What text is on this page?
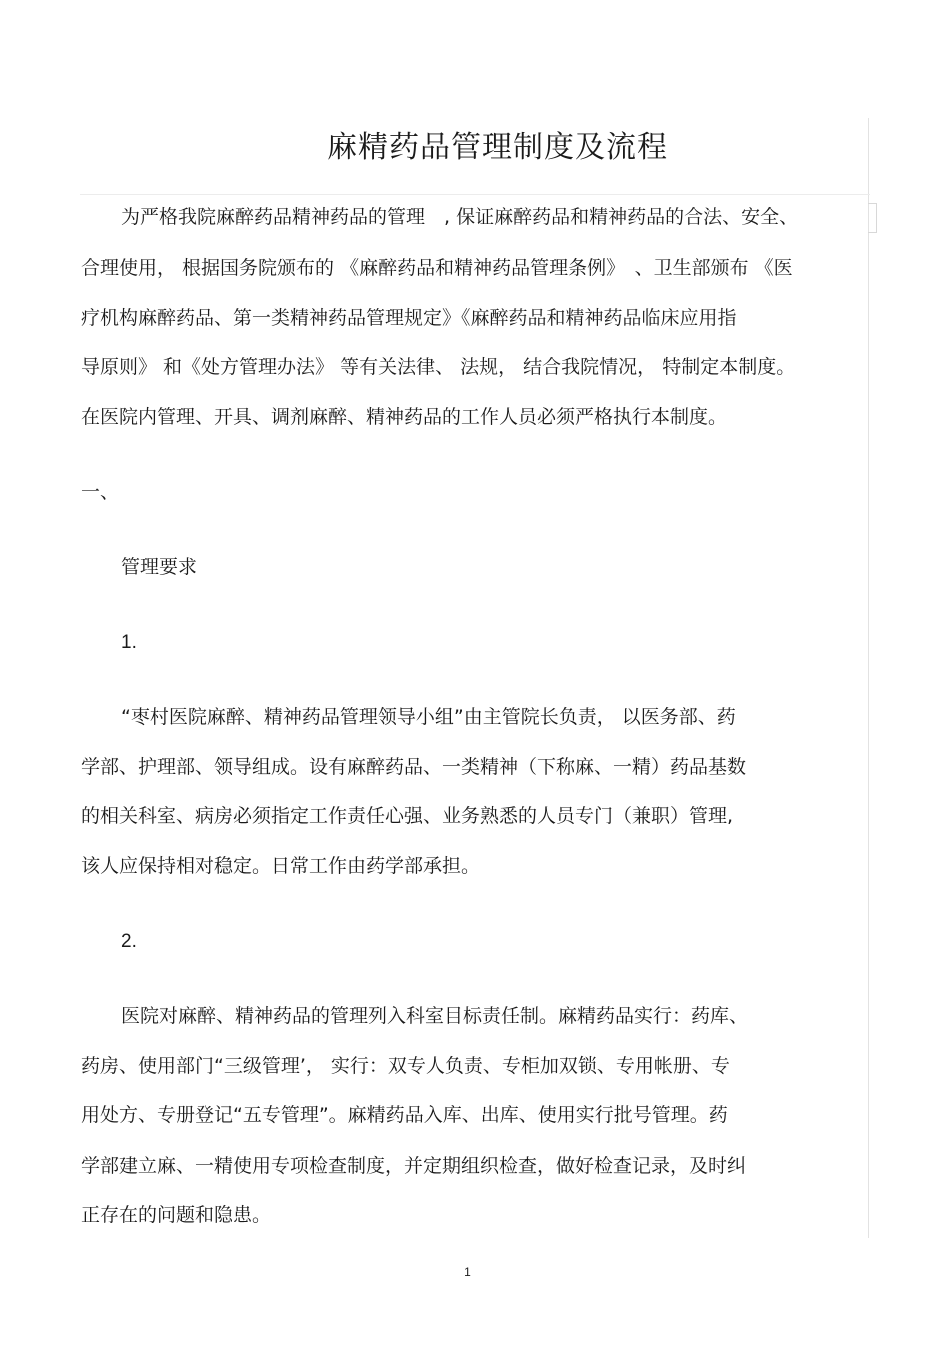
麻精药品管理制度及流程
为严格我院麻醉药品精神药品的管理　, 保证麻醉药品和精神药品的合法、安全、
合理使用， 根据国务院颁布的 《麻醉药品和精神药品管理条例》　、卫生部颁布 《医
疗机构麻醉药品、第一类精神药品管理规定》《麻醉药品和精神药品临床应用指
导原则》 和《处方管理办法》 等有关法律、 法规， 结合我院情况， 特制定本制度。
在医院内管理、开具、调剂麻醉、精神药品的工作人员必须严格执行本制度。
一、
管理要求
1.
“枣村医院麻醉、精神药品管理领导小组”由主管院长负责， 以医务部、药
学部、护理部、领导组成。设有麻醉药品、一类精神（下称麻、一精）药品基数
的相关科室、病房必须指定工作责任心强、业务熟悉的人员专门（兼职）管理,
该人应保持相对稳定。日常工作由药学部承担。
2.
医院对麻醉、精神药品的管理列入科室目标责任制。麻精药品实行：药库、
药房、使用部门“三级管理’， 实行：双专人负责、专柜加双锁、专用帐册、专
用处方、专册登记“五专管理”。麻精药品入库、出库、使用实行批号管理。药
学部建立麻、一精使用专项检查制度，并定期组织检查，做好检查记录，及时纠
正存在的问题和隐患。
1
